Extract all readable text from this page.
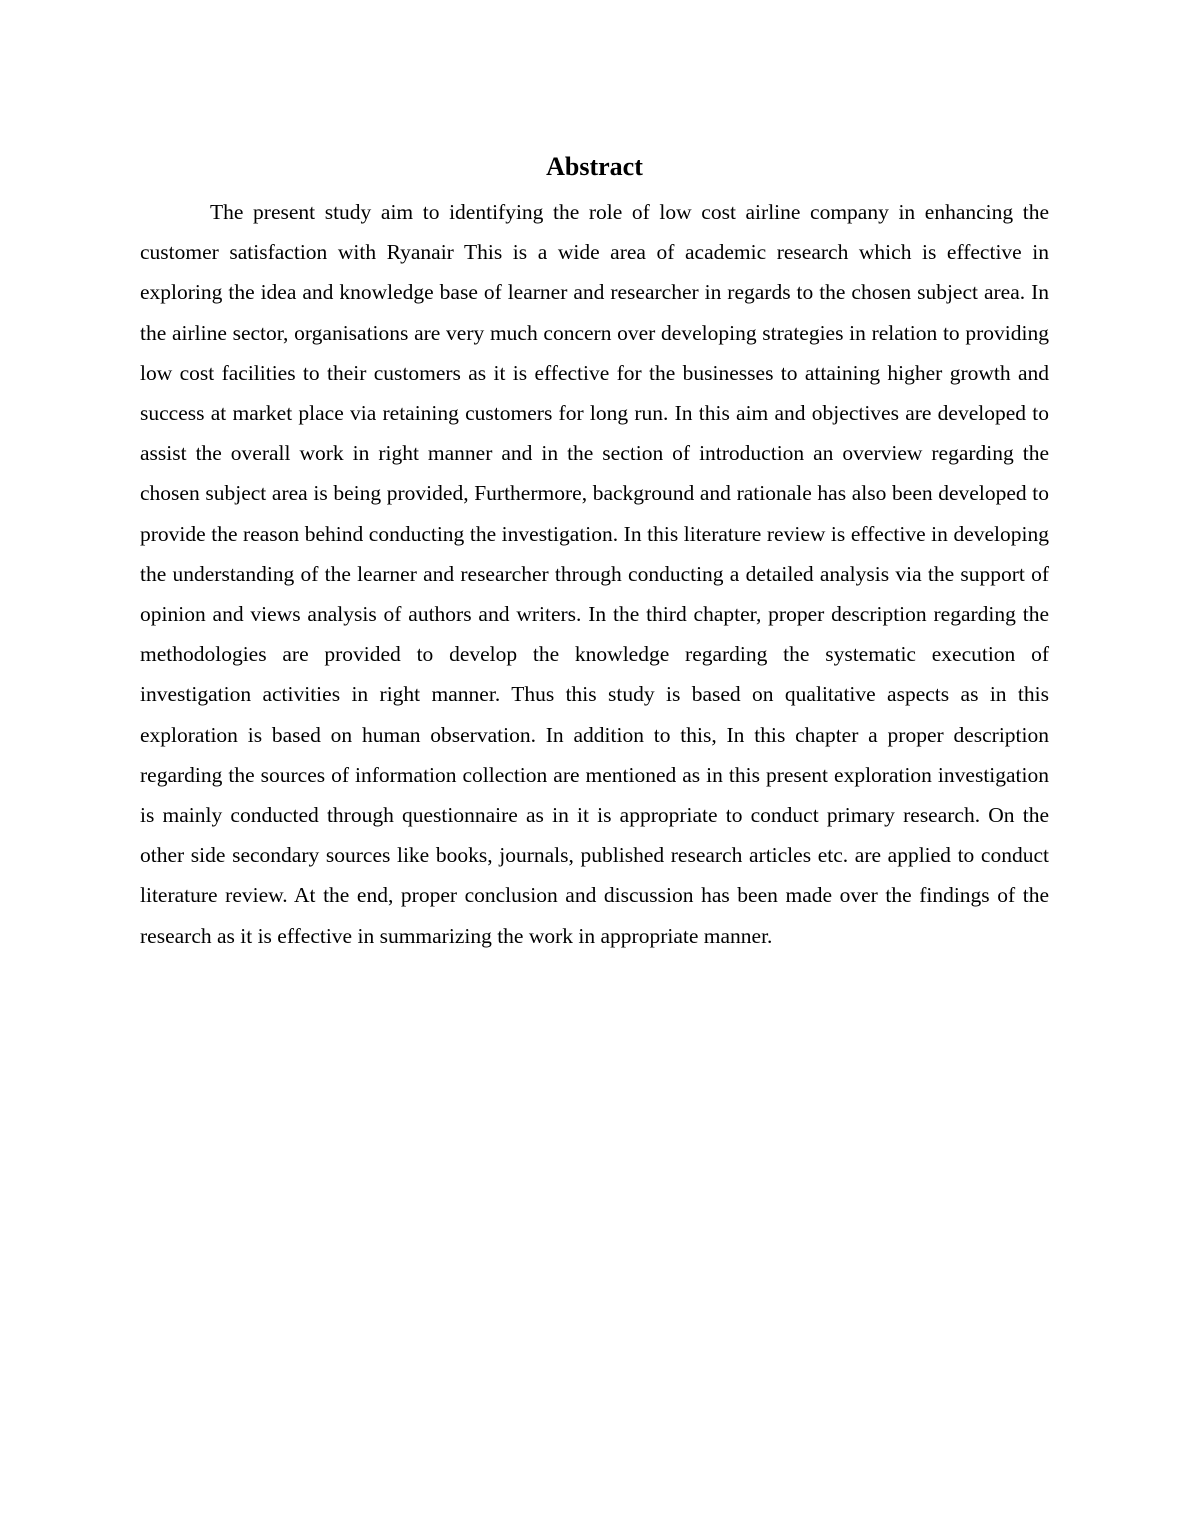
Abstract

The present study aim to identifying the role of low cost airline company in enhancing the customer satisfaction with Ryanair This is a wide area of academic research which is effective in exploring the idea and knowledge base of learner and researcher in regards to the chosen subject area. In the airline sector, organisations are very much concern over developing strategies in relation to providing low cost facilities to their customers as it is effective for the businesses to attaining higher growth and success at market place via retaining customers for long run. In this aim and objectives are developed to assist the overall work in right manner and in the section of introduction an overview regarding the chosen subject area is being provided, Furthermore, background and rationale has also been developed to provide the reason behind conducting the investigation. In this literature review is effective in developing the understanding of the learner and researcher through conducting a detailed analysis via the support of opinion and views analysis of authors and writers. In the third chapter, proper description regarding the methodologies are provided to develop the knowledge regarding the systematic execution of investigation activities in right manner. Thus this study is based on qualitative aspects as in this exploration is based on human observation. In addition to this, In this chapter a proper description regarding the sources of information collection are mentioned as in this present exploration investigation is mainly conducted through questionnaire as in it is appropriate to conduct primary research. On the other side secondary sources like books, journals, published research articles etc. are applied to conduct literature review. At the end, proper conclusion and discussion has been made over the findings of the research as it is effective in summarizing the work in appropriate manner.
